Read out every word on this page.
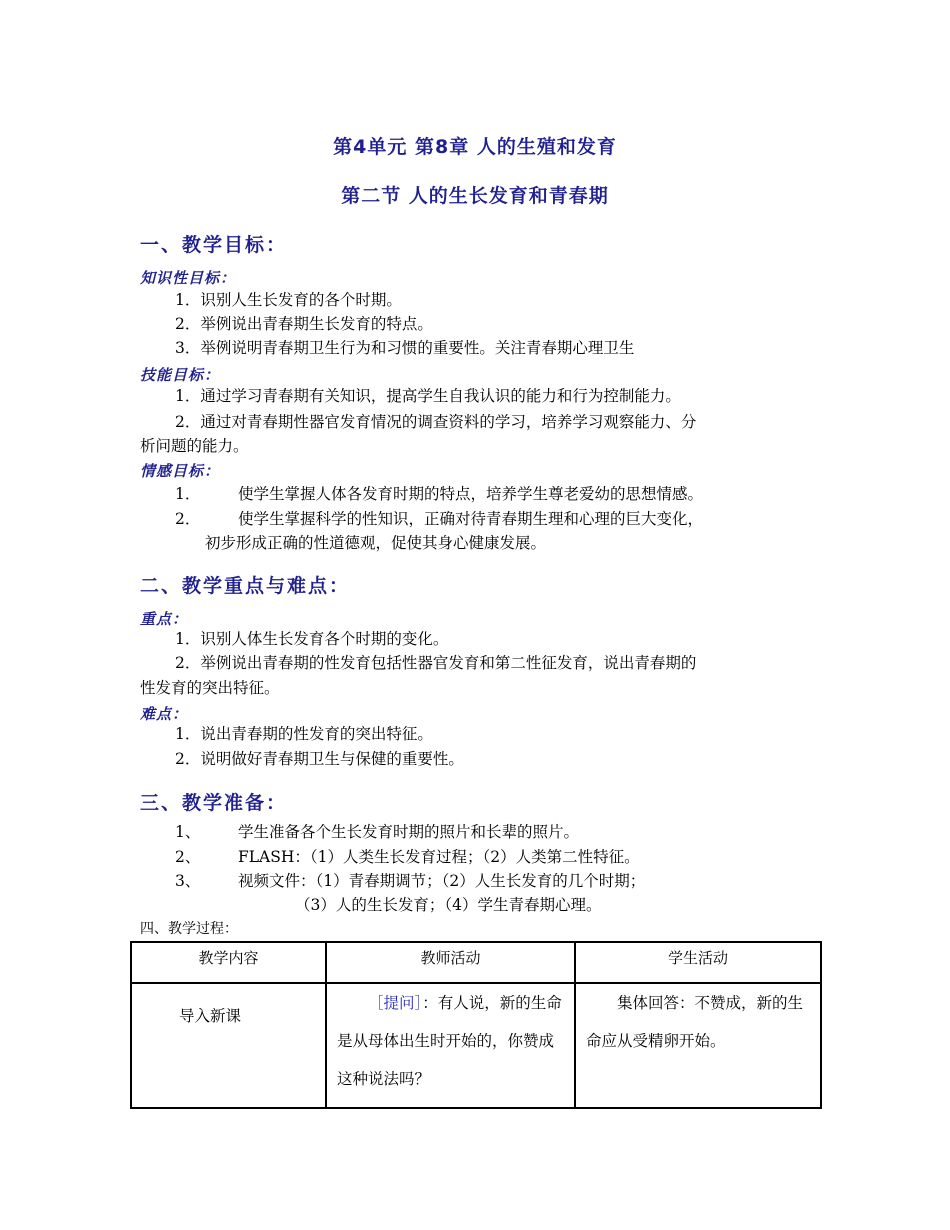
第4单元 第8章 人的生殖和发育
第二节 人的生长发育和青春期
一、教学目标：
知识性目标：
1．识别人生长发育的各个时期。
2．举例说出青春期生长发育的特点。
3．举例说明青春期卫生行为和习惯的重要性。关注青春期心理卫生
技能目标：
1．通过学习青春期有关知识，提高学生自我认识的能力和行为控制能力。
2．通过对青春期性器官发育情况的调查资料的学习，培养学习观察能力、分
析问题的能力。
情感目标：
1． 使学生掌握人体各发育时期的特点，培养学生尊老爱幼的思想情感。
2． 使学生掌握科学的性知识，正确对待青春期生理和心理的巨大变化，
初步形成正确的性道德观，促使其身心健康发展。
二、教学重点与难点：
重点：
1．识别人体生长发育各个时期的变化。
2．举例说出青春期的性发育包括性器官发育和第二性征发育，说出青春期的
性发育的突出特征。
难点：
1．说出青春期的性发育的突出特征。
2．说明做好青春期卫生与保健的重要性。
三、教学准备：
1、 学生准备各个生长发育时期的照片和长辈的照片。
2、 FLASH：（1）人类生长发育过程；（2）人类第二性特征。
3、 视频文件：（1）青春期调节；（2）人生长发育的几个时期；
（3）人的生长发育；（4）学生青春期心理。
四、教学过程：
教学内容	教师活动	学生活动

导入新课	［提问］：有人说，新的生命是从母体出生时开始的，你赞成这种说法吗？	集体回答：不赞成，新的生命应从受精卵开始。
